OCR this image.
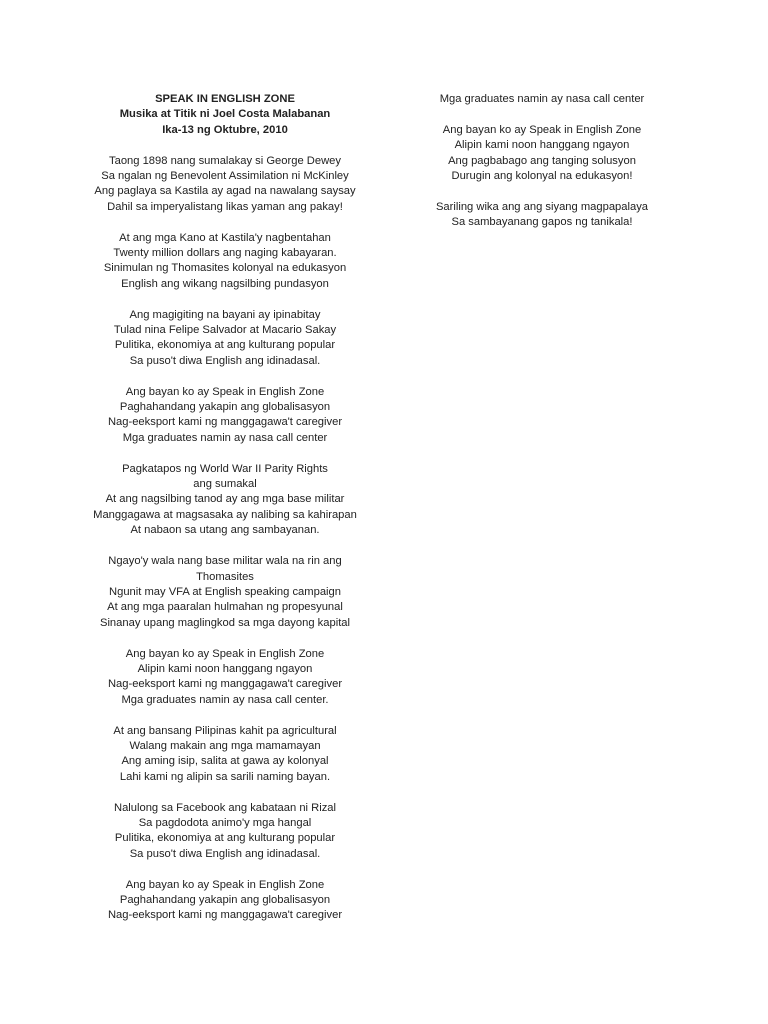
SPEAK IN ENGLISH ZONE
Musika at Titik ni Joel Costa Malabanan
Ika-13 ng Oktubre, 2010
Taong 1898 nang sumalakay si George Dewey
Sa ngalan ng Benevolent Assimilation ni McKinley
Ang paglaya sa Kastila ay agad na nawalang saysay
Dahil sa imperyalistang likas yaman ang pakay!
At ang mga Kano at Kastila'y nagbentahan
Twenty million dollars ang naging kabayaran.
Sinimulan ng Thomasites kolonyal na edukasyon
English ang wikang nagsilbing pundasyon
Ang magigiting na bayani ay ipinabitay
Tulad nina Felipe Salvador at Macario Sakay
Pulitika, ekonomiya at ang kulturang popular
Sa puso't diwa English ang idinadasal.
Ang bayan ko ay Speak in English Zone
Paghahandang yakapin ang globalisasyon
Nag-eeksport kami ng manggagawa't caregiver
Mga graduates namin ay nasa call center
Pagkatapos ng World War II Parity Rights ang sumakal
At ang nagsilbing tanod ay ang mga base militar
Manggagawa at magsasaka ay nalibing sa kahirapan
At nabaon sa utang ang sambayanan.
Ngayo'y wala nang base militar wala na rin ang Thomasites
Ngunit may VFA at English speaking campaign
At ang mga paaralan hulmahan ng propesyunal
Sinanay upang maglingkod sa mga dayong kapital
Ang bayan ko ay Speak in English Zone
Alipin kami noon hanggang ngayon
Nag-eeksport kami ng manggagawa't caregiver
Mga graduates namin ay nasa call center.
At ang bansang Pilipinas kahit pa agricultural
Walang makain ang mga mamamayan
Ang aming isip, salita at gawa ay kolonyal
Lahi kami ng alipin sa sarili naming bayan.
Nalulong sa Facebook ang kabataan ni Rizal
Sa pagdodota animo'y mga hangal
Pulitika, ekonomiya at ang kulturang popular
Sa puso't diwa English ang idinadasal.
Ang bayan ko ay Speak in English Zone
Paghahandang yakapin ang globalisasyon
Nag-eeksport kami ng manggagawa't caregiver
Mga graduates namin ay nasa call center
Ang bayan ko ay Speak in English Zone
Alipin kami noon hanggang ngayon
Ang pagbabago ang tanging solusyon
Durugin ang kolonyal na edukasyon!
Sariling wika ang ang siyang magpapalaya
Sa sambayanang gapos ng tanikala!
